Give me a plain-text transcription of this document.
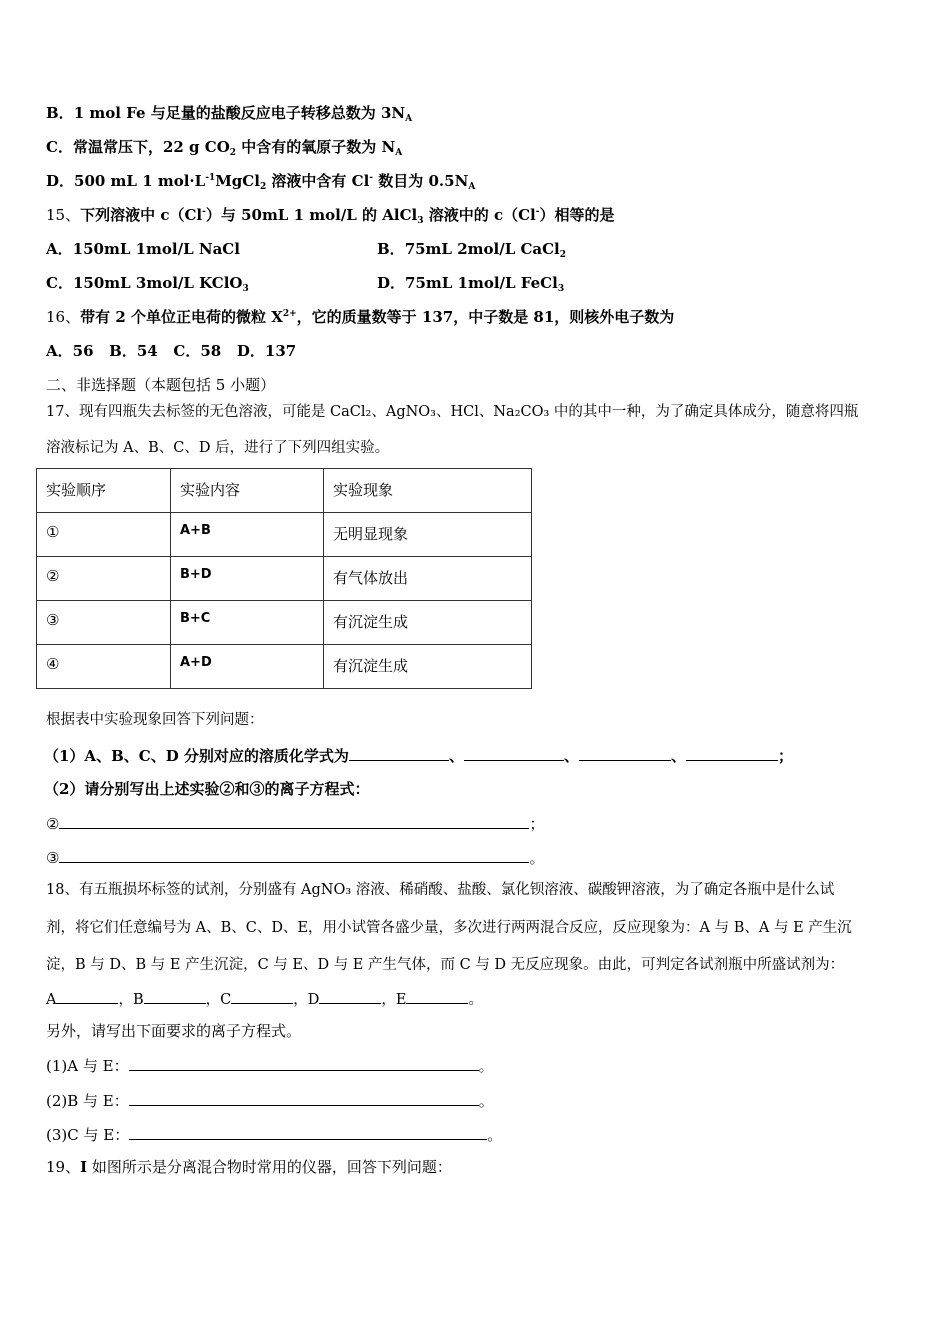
B．1 mol Fe 与足量的盐酸反应电子转移总数为 $3N_A$
C．常温常压下，22 g $CO_2$ 中含有的氧原子数为 $N_A$
D．500 mL 1 $mol\cdot L^{-1}MgCl_2$ 溶液中含有 Cl- 数目为 $0.5N_A$
15、下列溶液中 c（Cl-）与 50mL 1 mol/L 的 AlCl$_3$ 溶液中的 c（Cl-）相等的是
A．150mL 1mol/L NaCl	B．75mL 2mol/L CaCl$_2$
C．150mL 3mol/L KClO$_3$	D．75mL 1mol/L FeCl$_3$
16、带有 2 个单位正电荷的微粒 $X^{2+}$，它的质量数等于 137，中子数是 81，则核外电子数为
A．56   B．54   C．58   D．137
二、非选择题（本题包括 5 小题）
17、现有四瓶失去标签的无色溶液，可能是 CaCl₂、AgNO₃、HCl、Na₂CO₃ 中的其中一种，为了确定具体成分，随意将四瓶
溶液标记为 A、B、C、D 后，进行了下列四组实验。
实验顺序	实验内容	实验现象
①	A+B	无明显现象
②	B+D	有气体放出
③	B+C	有沉淀生成
④	A+D	有沉淀生成
根据表中实验现象回答下列问题：
（1）A、B、C、D 分别对应的溶质化学式为	、	、	、	；
（2）请分别写出上述实验②和③的离子方程式：
②	；
③	。
18、有五瓶损坏标签的试剂，分别盛有 AgNO₃ 溶液、稀硝酸、盐酸、氯化钡溶液、碳酸钾溶液，为了确定各瓶中是什么试
剂，将它们任意编号为 A、B、C、D、E，用小试管各盛少量，多次进行两两混合反应，反应现象为：A 与 B、A 与 E 产生沉
淀，B 与 D、B 与 E 产生沉淀，C 与 E、D 与 E 产生气体，而 C 与 D 无反应现象。由此，可判定各试剂瓶中所盛试剂为：
A	，B	，C	，D	，E	。
另外，请写出下面要求的离子方程式。
(1)A 与 E：	。
(2)B 与 E：	。
(3)C 与 E：	。
19、I 如图所示是分离混合物时常用的仪器，回答下列问题：
